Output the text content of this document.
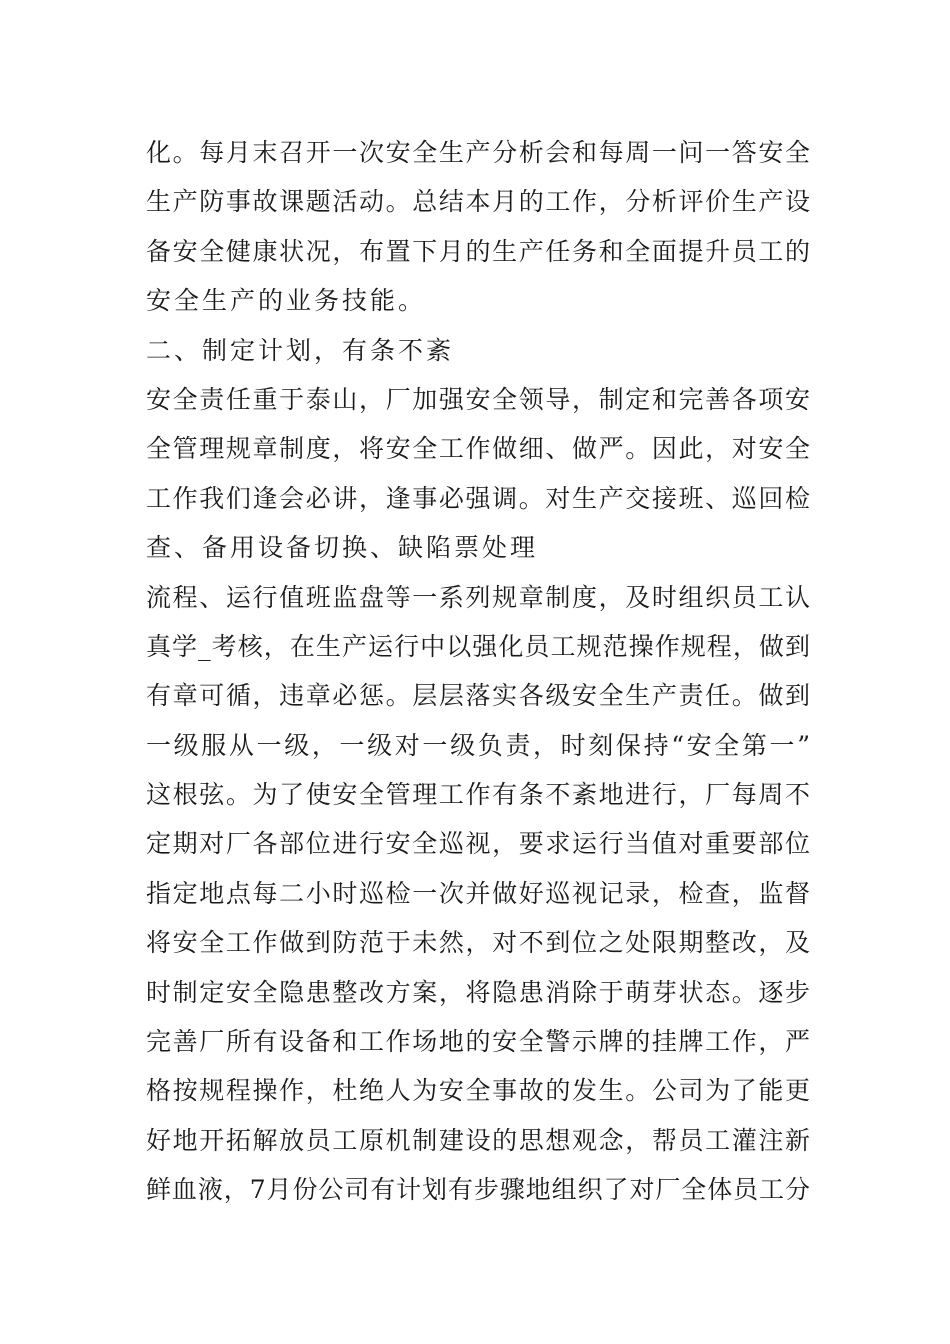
化。每月末召开一次安全生产分析会和每周一问一答安全
生产防事故课题活动。总结本月的工作，分析评价生产设
备安全健康状况，布置下月的生产任务和全面提升员工的
安全生产的业务技能。
二、制定计划，有条不紊
安全责任重于泰山，厂加强安全领导，制定和完善各项安
全管理规章制度，将安全工作做细、做严。因此，对安全
工作我们逢会必讲，逢事必强调。对生产交接班、巡回检
查、备用设备切换、缺陷票处理
流程、运行值班监盘等一系列规章制度，及时组织员工认
真学_考核，在生产运行中以强化员工规范操作规程，做到
有章可循，违章必惩。层层落实各级安全生产责任。做到
一级服从一级，一级对一级负责，时刻保持“安全第一”
这根弦。为了使安全管理工作有条不紊地进行，厂每周不
定期对厂各部位进行安全巡视，要求运行当值对重要部位
指定地点每二小时巡检一次并做好巡视记录，检查，监督
将安全工作做到防范于未然，对不到位之处限期整改，及
时制定安全隐患整改方案，将隐患消除于萌芽状态。逐步
完善厂所有设备和工作场地的安全警示牌的挂牌工作，严
格按规程操作，杜绝人为安全事故的发生。公司为了能更
好地开拓解放员工原机制建设的思想观念，帮员工灌注新
鲜血液，7月份公司有计划有步骤地组织了对厂全体员工分
